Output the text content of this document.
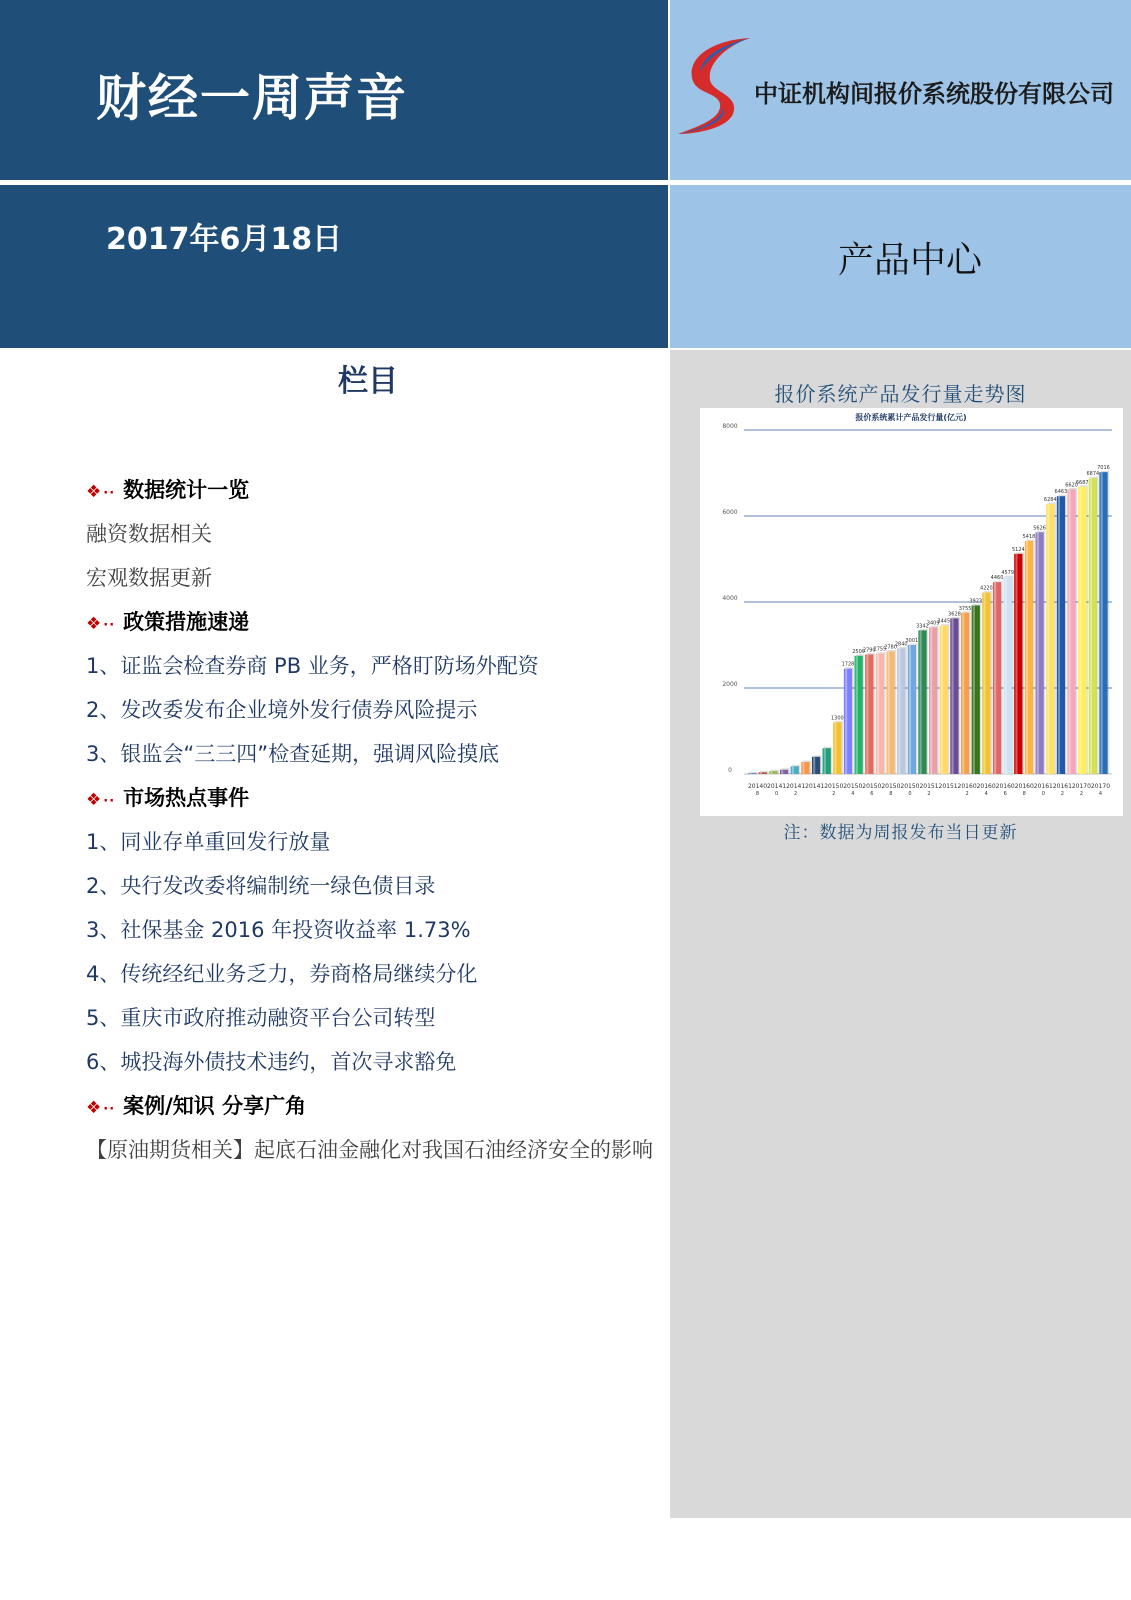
财经一周声音
2017年6月18日
中证机构间报价系统股份有限公司
产品中心
栏目
❖ ·· 数据统计一览
融资数据相关
宏观数据更新
❖ ·· 政策措施速递
1、证监会检查券商 PB 业务，严格盯防场外配资
2、发改委发布企业境外发行债券风险提示
3、银监会“三三四”检查延期，强调风险摸底
❖ ·· 市场热点事件
1、同业存单重回发行放量
2、央行发改委将编制统一绿色债目录
3、社保基金 2016 年投资收益率 1.73%
4、传统经纪业务乏力，券商格局继续分化
5、重庆市政府推动融资平台公司转型
6、城投海外债技术违约，首次寻求豁免
❖ ·· 案例/知识 分享广角
【原油期货相关】起底石油金融化对我国石油经济安全的影响
报价系统产品发行量走势图
报价系统累计产品发行量(亿元)
0
2000
4000
6000
8000
1300
1728
2500
2790
2755
2780
2840
3001
3342
3409
3445
3628
3755
3923
4220
4460
4579
5124
5418
5626
6284
6463
6620
6687
6874
7016
20140
8
20141
0
20141
2
20141 20150
2
20150
4
20150
6
20150
8
20150
0
20151
2
20151 20160
2
20160
4
20160
6
20160
8
20161
0
20161
2
20170
2
20170
4
注：数据为周报发布当日更新
